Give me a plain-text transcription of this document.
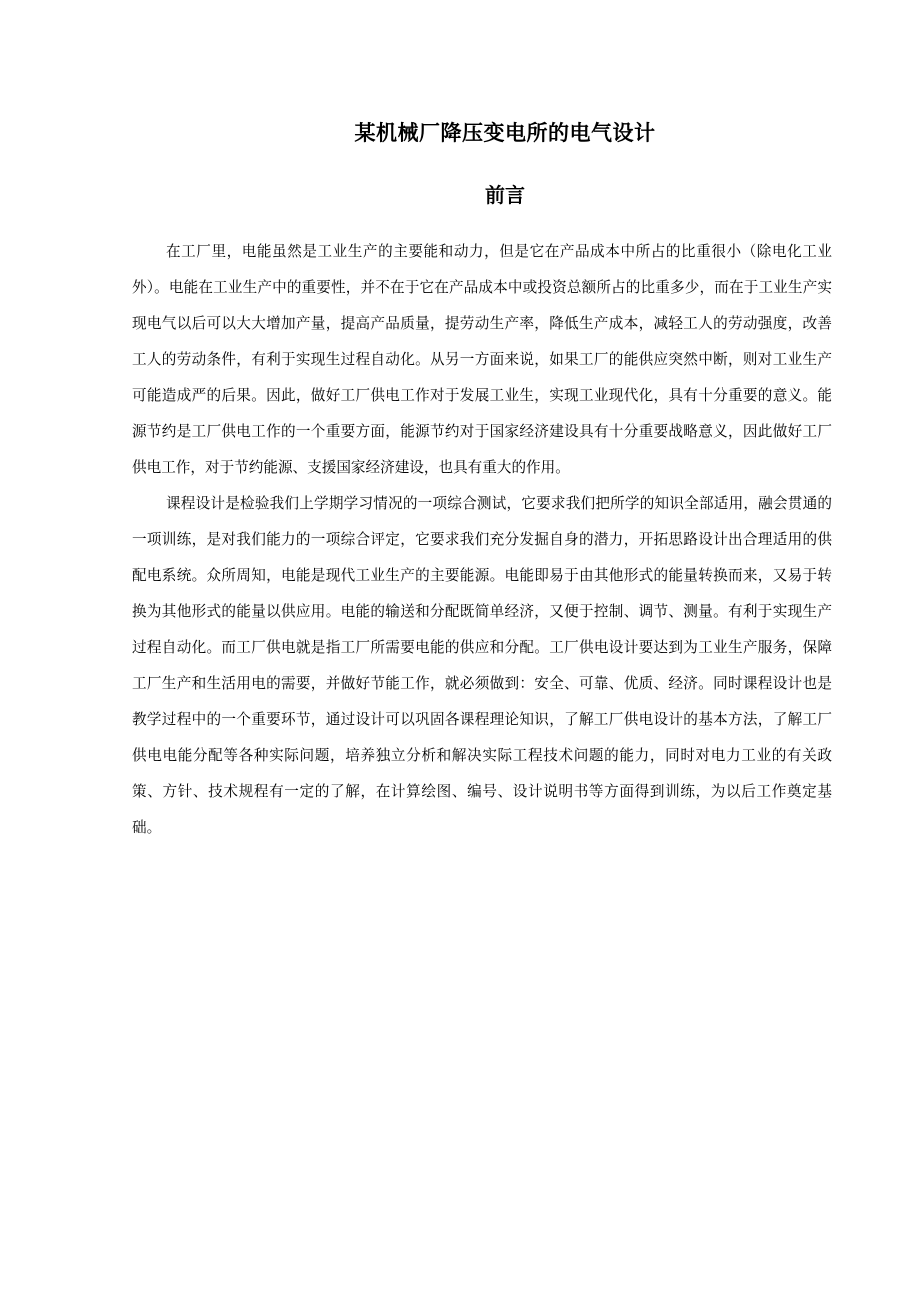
某机械厂降压变电所的电气设计
前言

在工厂里，电能虽然是工业生产的主要能和动力，但是它在产品成本中所占的比重很小（除电化工业外）。电能在工业生产中的重要性，并不在于它在产品成本中或投资总额所占的比重多少，而在于工业生产实现电气以后可以大大增加产量，提高产品质量，提劳动生产率，降低生产成本，减轻工人的劳动强度，改善工人的劳动条件，有利于实现生过程自动化。从另一方面来说，如果工厂的能供应突然中断，则对工业生产可能造成严的后果。因此，做好工厂供电工作对于发展工业生，实现工业现代化，具有十分重要的意义。能源节约是工厂供电工作的一个重要方面，能源节约对于国家经济建设具有十分重要战略意义，因此做好工厂供电工作，对于节约能源、支援国家经济建设，也具有重大的作用。

课程设计是检验我们上学期学习情况的一项综合测试，它要求我们把所学的知识全部适用，融会贯通的一项训练，是对我们能力的一项综合评定，它要求我们充分发掘自身的潜力，开拓思路设计出合理适用的供配电系统。众所周知，电能是现代工业生产的主要能源。电能即易于由其他形式的能量转换而来，又易于转换为其他形式的能量以供应用。电能的输送和分配既简单经济，又便于控制、调节、测量。有利于实现生产过程自动化。而工厂供电就是指工厂所需要电能的供应和分配。工厂供电设计要达到为工业生产服务，保障工厂生产和生活用电的需要，并做好节能工作，就必须做到：安全、可靠、优质、经济。同时课程设计也是教学过程中的一个重要环节，通过设计可以巩固各课程理论知识，了解工厂供电设计的基本方法，了解工厂供电电能分配等各种实际问题，培养独立分析和解决实际工程技术问题的能力，同时对电力工业的有关政策、方针、技术规程有一定的了解，在计算绘图、编号、设计说明书等方面得到训练，为以后工作奠定基础。
